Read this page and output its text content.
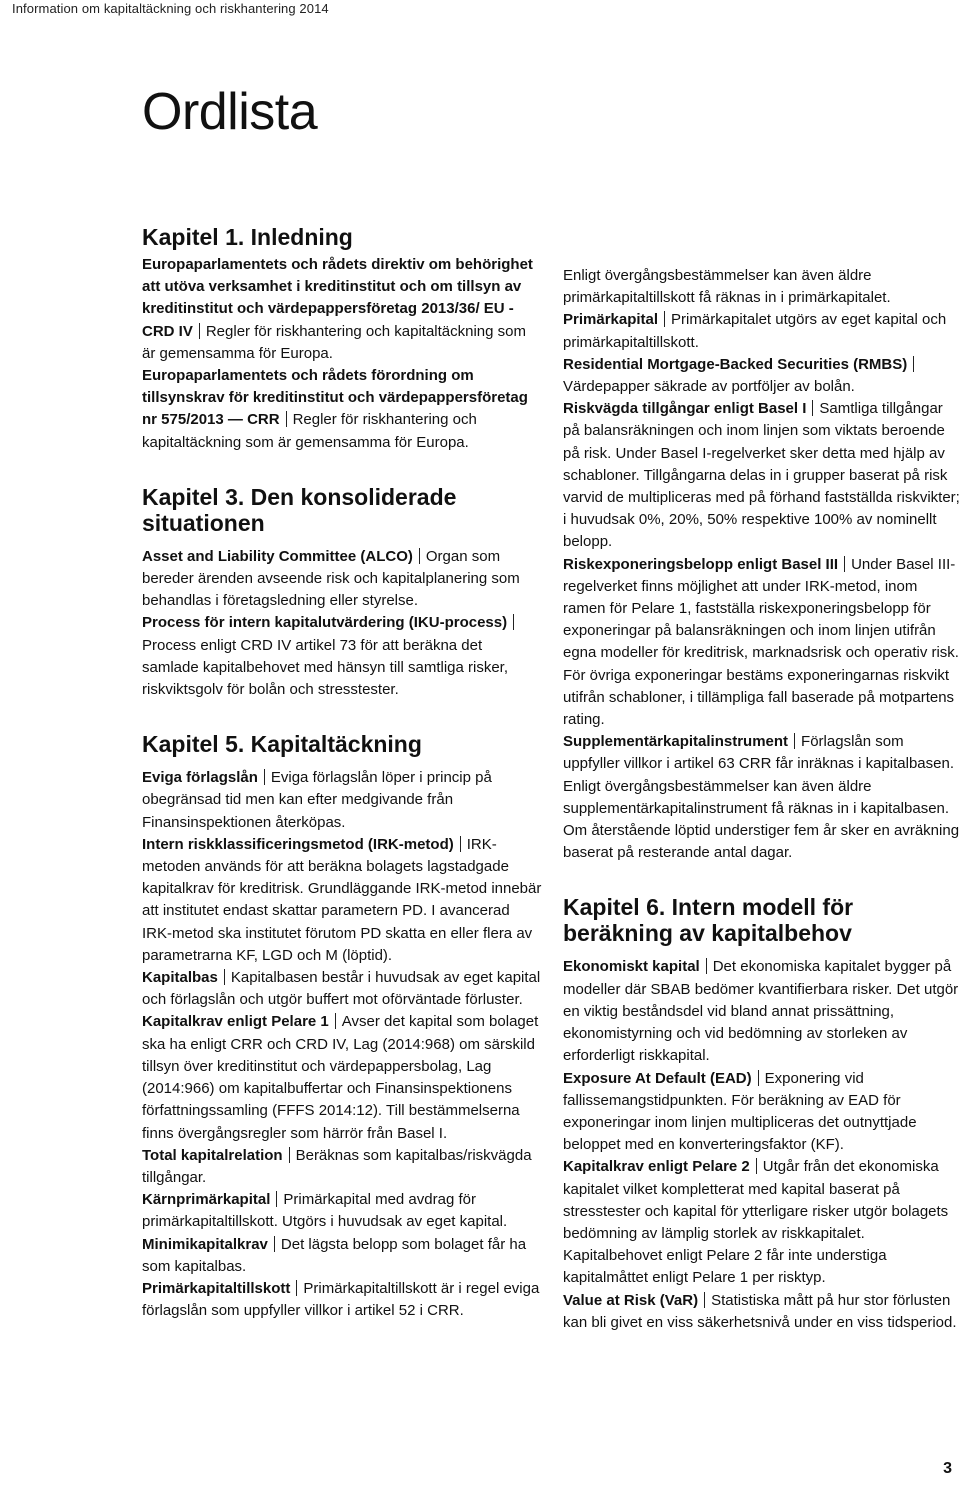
Information om kapitaltäckning och riskhantering 2014
Ordlista
Kapitel 1. Inledning

Europaparlamentets och rådets direktiv om behörighet att utöva verksamhet i kreditinstitut och om tillsyn av kreditinstitut och värdepappersföretag 2013/36/ EU - CRD IV Regler för riskhantering och kapitaltäckning som är gemensamma för Europa.

Europaparlamentets och rådets förordning om tillsynskrav för kreditinstitut och värdepappersföretag nr 575/2013 — CRR Regler för riskhantering och kapitaltäckning som är gemensamma för Europa.

Kapitel 3. Den konsoliderade situationen

Asset and Liability Committee (ALCO) Organ som bereder ärenden avseende risk och kapitalplanering som behandlas i företagsledning eller styrelse.

Process för intern kapitalutvärdering (IKU-process)Process enligt CRD IV artikel 73 för att beräkna det samlade kapitalbehovet med hänsyn till samtliga risker, riskviktsgolv för bolån och stresstester.

Kapitel 5. Kapitaltäckning

Eviga förlagslån Eviga förlagslån löper i princip på obegränsad tid men kan efter medgivande från Finansinspektionen återköpas.

Intern riskklassificeringsmetod (IRK-metod) IRK-metoden används för att beräkna bolagets lagstadgade kapitalkrav för kreditrisk. Grundläggande IRK-metod innebär att institutet endast skattar parametern PD. I avancerad IRK-metod ska institutet förutom PD skatta en eller flera av parametrarna KF, LGD och M (löptid).

Kapitalbas Kapitalbasen består i huvudsak av eget kapital och förlagslån och utgör buffert mot oförväntade förluster.

Kapitalkrav enligt Pelare 1 Avser det kapital som bolaget ska ha enligt CRR och CRD IV, Lag (2014:968) om särskild tillsyn över kreditinstitut och värdepappersbolag, Lag (2014:966) om kapitalbuffertar och Finansinspektionens författningssamling (FFFS 2014:12). Till bestämmelserna finns övergångsregler som härrör från Basel I.

Total kapitalrelation Beräknas som kapitalbas/riskvägda tillgångar.

Kärnprimärkapital Primärkapital med avdrag för primärkapitaltillskott. Utgörs i huvudsak av eget kapital.

Minimikapitalkrav Det lägsta belopp som bolaget får ha som kapitalbas.

Primärkapitaltillskott Primärkapitaltillskott är i regel eviga förlagslån som uppfyller villkor i artikel 52 i CRR.

Enligt övergångsbestämmelser kan även äldre primärkapitaltillskott få räknas in i primärkapitalet.

Primärkapital Primärkapitalet utgörs av eget kapital och primärkapitaltillskott.

Residential Mortgage-Backed Securities (RMBS)Värdepapper säkrade av portföljer av bolån.

Riskvägda tillgångar enligt Basel I Samtliga tillgångar på balansräkningen och inom linjen som viktats beroende på risk. Under Basel I-regelverket sker detta med hjälp av schabloner. Tillgångarna delas in i grupper baserat på risk varvid de multipliceras med på förhand fastställda riskvikter; i huvudsak 0%, 20%, 50% respektive 100% av nominellt belopp.

Riskexponeringsbelopp enligt Basel III Under Basel III-regelverket finns möjlighet att under IRK-metod, inom ramen för Pelare 1, fastställa riskexponeringsbelopp för exponeringar på balansräkningen och inom linjen utifrån egna modeller för kreditrisk, marknadsrisk och operativ risk. För övriga exponeringar bestäms exponeringarnas riskvikt utifrån schabloner, i tillämpliga fall baserade på motpartens rating.

Supplementärkapitalinstrument Förlagslån som uppfyller villkor i artikel 63 CRR får inräknas i kapitalbasen. Enligt övergångsbestämmelser kan även äldre supplementärkapitalinstrument få räknas in i kapitalbasen. Om återstående löptid understiger fem år sker en avräkning baserat på resterande antal dagar.

Kapitel 6. Intern modell för beräkning av kapitalbehov

Ekonomiskt kapital Det ekonomiska kapitalet bygger på modeller där SBAB bedömer kvantifierbara risker. Det utgör en viktig beståndsdel vid bland annat prissättning, ekonomistyrning och vid bedömning av storleken av erforderligt riskkapital.

Exposure At Default (EAD) Exponering vid fallissemangstidpunkten. För beräkning av EAD för exponeringar inom linjen multipliceras det outnyttjade beloppet med en konverteringsfaktor (KF).

Kapitalkrav enligt Pelare 2 Utgår från det ekonomiska kapitalet vilket kompletterat med kapital baserat på stresstester och kapital för ytterligare risker utgör bolagets bedömning av lämplig storlek av riskkapitalet. Kapitalbehovet enligt Pelare 2 får inte understiga kapitalmåttet enligt Pelare 1 per risktyp.

Value at Risk (VaR) Statistiska mått på hur stor förlusten kan bli givet en viss säkerhetsnivå under en viss tidsperiod.

3
